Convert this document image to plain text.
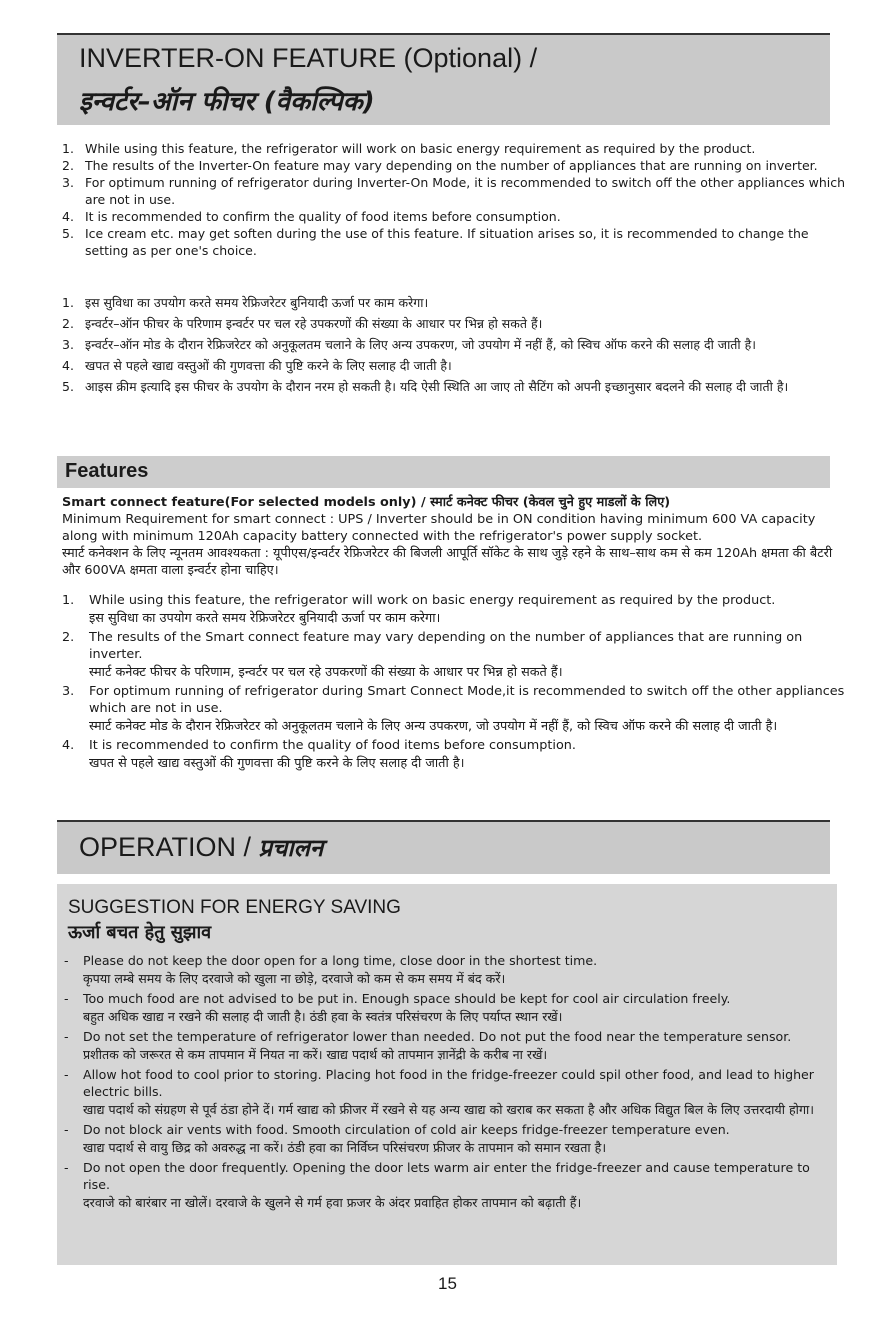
INVERTER-ON FEATURE (Optional) /
इन्वर्टर–ऑन फीचर (वैकल्पिक)
1. While using this feature, the refrigerator will work on basic energy requirement as required by the product.
2. The results of the Inverter-On feature may vary depending on the number of appliances that are running on inverter.
3. For optimum running of refrigerator during Inverter-On Mode, it is recommended to switch off the other appliances which are not in use.
4. It is recommended to confirm the quality of food items before consumption.
5. Ice cream etc. may get soften during the use of this feature. If situation arises so, it is recommended to change the setting as per one's choice.
1. इस सुविधा का उपयोग करते समय रेफ्रिजरेटर बुनियादी ऊर्जा पर काम करेगा।
2. इन्वर्टर–ऑन फीचर के परिणाम इन्वर्टर पर चल रहे उपकरणों की संख्या के आधार पर भिन्न हो सकते हैं।
3. इन्वर्टर–ऑन मोड के दौरान रेफ्रिजरेटर को अनुकूलतम चलाने के लिए अन्य उपकरण, जो उपयोग में नहीं हैं, को स्विच ऑफ करने की सलाह दी जाती है।
4. खपत से पहले खाद्य वस्तुओं की गुणवत्ता की पुष्टि करने के लिए सलाह दी जाती है।
5. आइस क्रीम इत्यादि इस फीचर के उपयोग के दौरान नरम हो सकती है। यदि ऐसी स्थिति आ जाए तो सैटिंग को अपनी इच्छानुसार बदलने की सलाह दी जाती है।
Features
Smart connect feature(For selected models only) / स्मार्ट कनेक्ट फीचर (केवल चुने हुए माडलों के लिए)
Minimum Requirement for smart connect : UPS / Inverter should be in ON condition having minimum 600 VA capacity along with minimum 120Ah capacity battery connected with the refrigerator's power supply socket.
स्मार्ट कनेक्शन के लिए न्यूनतम आवश्यकता : यूपीएस/इन्वर्टर रेफ्रिजरेटर की बिजली आपूर्ति सॉकेट के साथ जुड़े रहने के साथ–साथ कम से कम 120Ah क्षमता की बैटरी और 600VA क्षमता वाला इन्वर्टर होना चाहिए।
1.	While using this feature, the refrigerator will work on basic energy requirement as required by the product.
इस सुविधा का उपयोग करते समय रेफ्रिजरेटर बुनियादी ऊर्जा पर काम करेगा।
2.	The results of the Smart connect feature may vary depending on the number of appliances that are running on inverter.
स्मार्ट कनेक्ट फीचर के परिणाम, इन्वर्टर पर चल रहे उपकरणों की संख्या के आधार पर भिन्न हो सकते हैं।
3.	For optimum running of refrigerator during Smart Connect Mode,it is recommended to switch off the other appliances which are not in use.
स्मार्ट कनेक्ट मोड के दौरान रेफ्रिजरेटर को अनुकूलतम चलाने के लिए अन्य उपकरण, जो उपयोग में नहीं हैं, को स्विच ऑफ करने की सलाह दी जाती है।
4.	It is recommended to confirm the quality of food items before consumption.
खपत से पहले खाद्य वस्तुओं की गुणवत्ता की पुष्टि करने के लिए सलाह दी जाती है।
OPERATION / प्रचालन
SUGGESTION FOR ENERGY SAVING
ऊर्जा बचत हेतु सुझाव
-	Please do not keep the door open for a long time, close door in the shortest time.
कृपया लम्बे समय के लिए दरवाजे को खुला ना छोड़े, दरवाजे को कम से कम समय में बंद करें।
-	Too much food are not advised to be put in. Enough space should be kept for cool air circulation freely.
बहुत अधिक खाद्य न रखने की सलाह दी जाती है। ठंडी हवा के स्वतंत्र परिसंचरण के लिए पर्याप्त स्थान रखें।
-	Do not set the temperature of refrigerator lower than needed. Do not put the food near the temperature sensor.
प्रशीतक को जरूरत से कम तापमान में नियत ना करें। खाद्य पदार्थ को तापमान ज्ञानेंद्री के करीब ना रखें।
-	Allow hot food to cool prior to storing. Placing hot food in the fridge-freezer could spil other food, and lead to higher electric bills.
खाद्य पदार्थ को संग्रहण से पूर्व ठंडा होने दें। गर्म खाद्य को फ्रीजर में रखने से यह अन्य खाद्य को खराब कर सकता है और अधिक विद्युत बिल के लिए उत्तरदायी होगा।
-	Do not block air vents with food. Smooth circulation of cold air keeps fridge-freezer temperature even.
खाद्य पदार्थ से वायु छिद्र को अवरुद्ध ना करें। ठंडी हवा का निर्विघ्न परिसंचरण फ्रीजर के तापमान को समान रखता है।
-	Do not open the door frequently. Opening the door lets warm air enter the fridge-freezer and cause temperature to rise.
दरवाजे को बारंबार ना खोलें। दरवाजे के खुलने से गर्म हवा फ्रजर के अंदर प्रवाहित होकर तापमान को बढ़ाती हैं।
15
